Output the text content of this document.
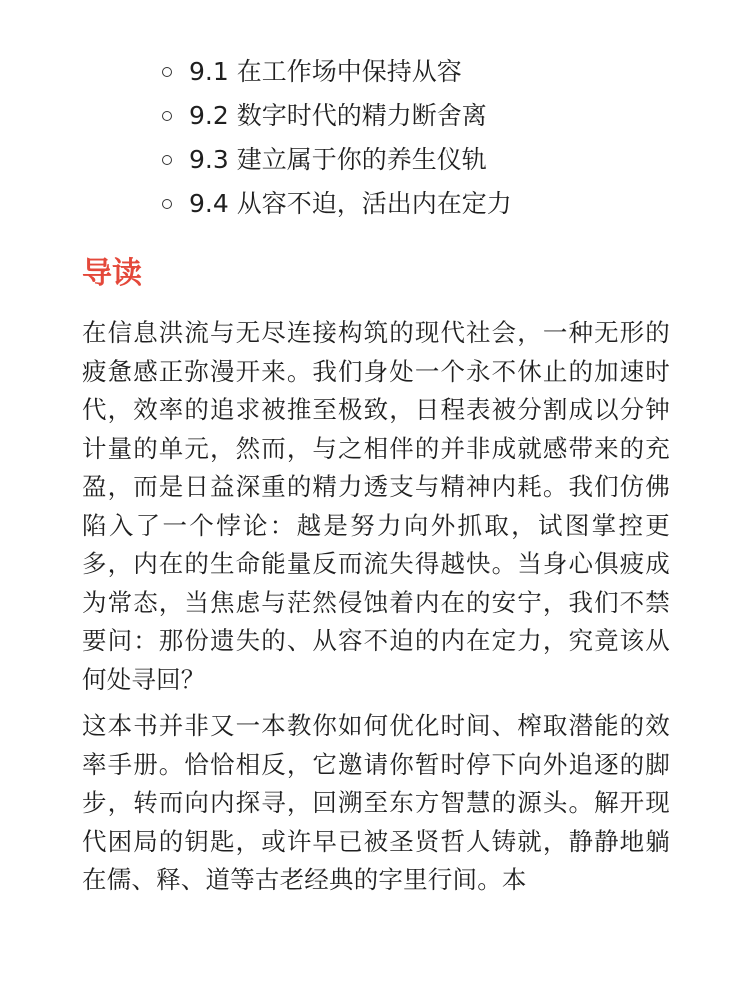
9.1 在工作场中保持从容
9.2 数字时代的精力断舍离
9.3 建立属于你的养生仪轨
9.4 从容不迫，活出内在定力
导读

在信息洪流与无尽连接构筑的现代社会，一种无形的疲惫感正弥漫开来。我们身处一个永不休止的加速时代，效率的追求被推至极致，日程表被分割成以分钟计量的单元，然而，与之相伴的并非成就感带来的充盈，而是日益深重的精力透支与精神内耗。我们仿佛陷入了一个悖论：越是努力向外抓取，试图掌控更多，内在的生命能量反而流失得越快。当身心俱疲成为常态，当焦虑与茫然侵蚀着内在的安宁，我们不禁要问：那份遗失的、从容不迫的内在定力，究竟该从何处寻回？

这本书并非又一本教你如何优化时间、榨取潜能的效率手册。恰恰相反，它邀请你暂时停下向外追逐的脚步，转而向内探寻，回溯至东方智慧的源头。解开现代困局的钥匙，或许早已被圣贤哲人铸就，静静地躺在儒、释、道等古老经典的字里行间。本
